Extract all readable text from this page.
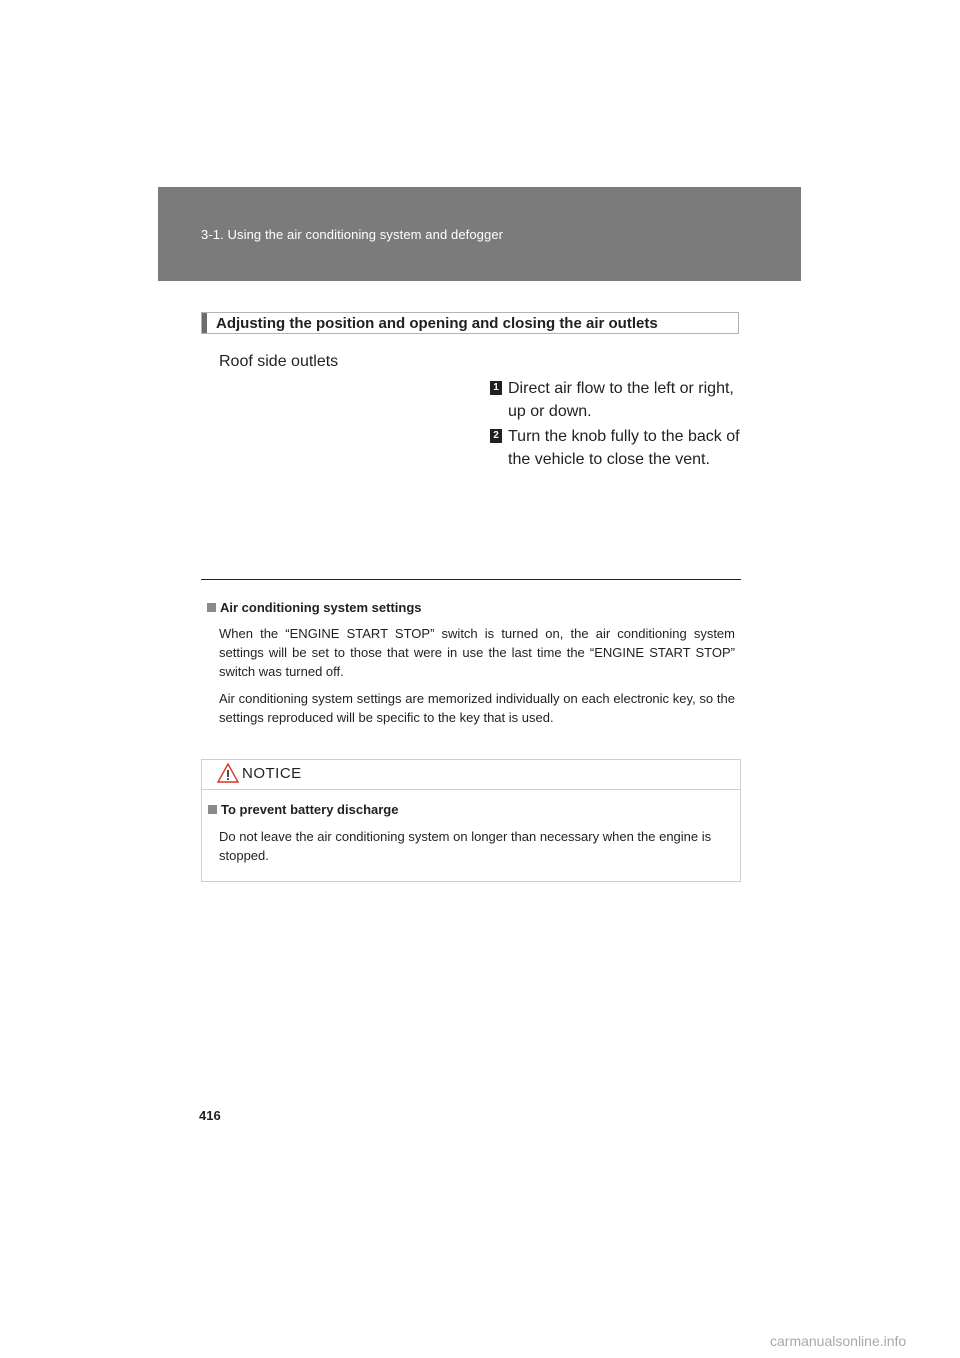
3-1. Using the air conditioning system and defogger
Adjusting the position and opening and closing the air outlets
Roof side outlets
1 Direct air flow to the left or right, up or down.
2 Turn the knob fully to the back of the vehicle to close the vent.
Air conditioning system settings
When the “ENGINE START STOP” switch is turned on, the air conditioning system settings will be set to those that were in use the last time the “ENGINE START STOP” switch was turned off.
Air conditioning system settings are memorized individually on each electronic key, so the settings reproduced will be specific to the key that is used.
NOTICE
To prevent battery discharge
Do not leave the air conditioning system on longer than necessary when the engine is stopped.
416
carmanualsonline.info
